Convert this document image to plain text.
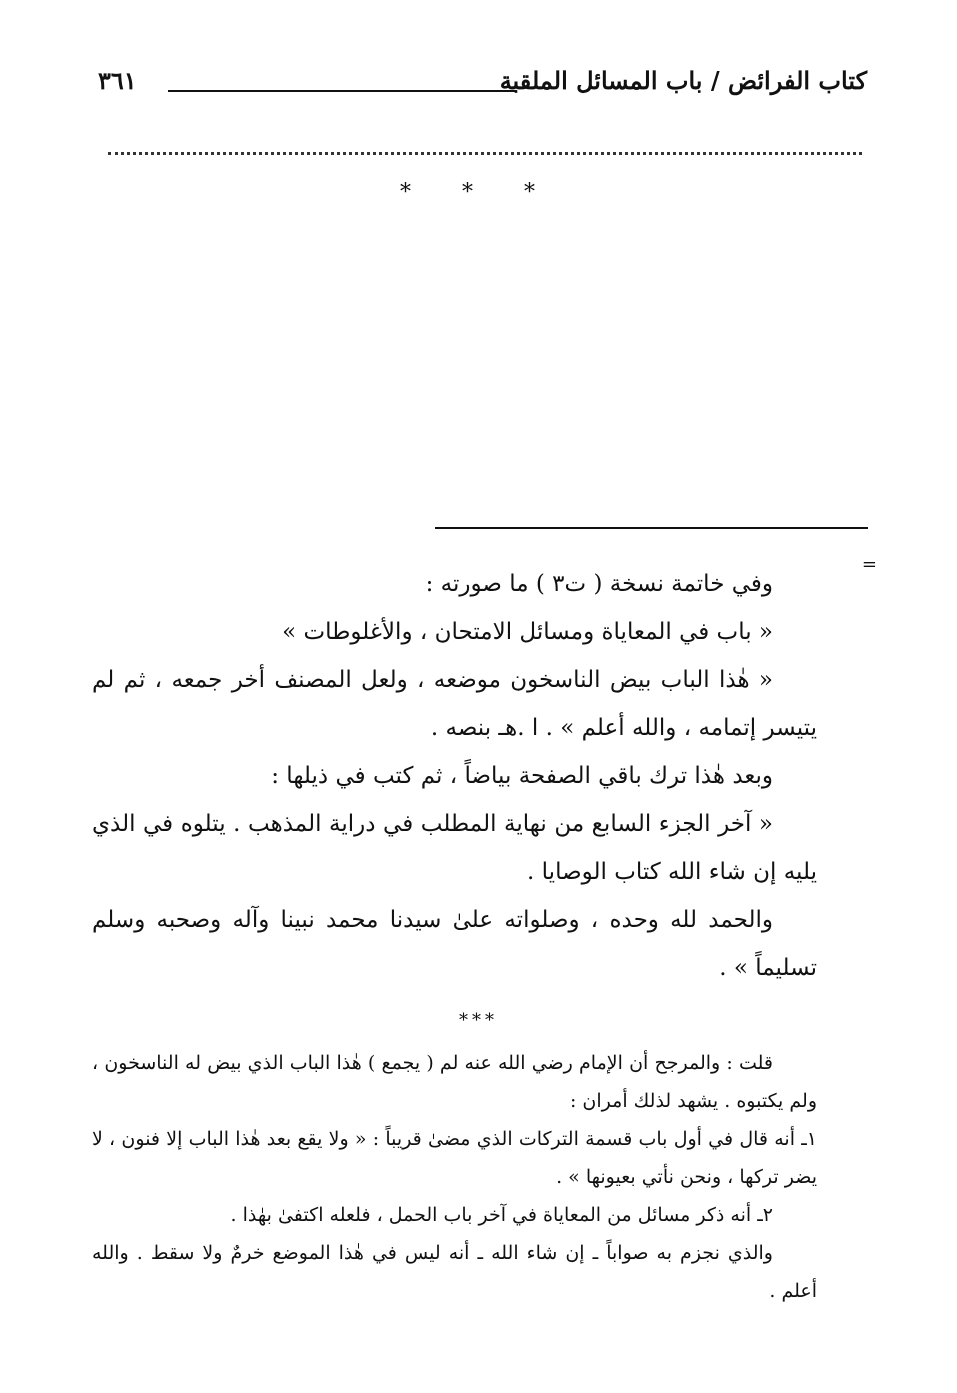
كتاب الفرائض / باب المسائل الملقبة
٣٦١
* * *
=

وفي خاتمة نسخة ( ت٣ ) ما صورته :

« باب في المعاياة ومسائل الامتحان ، والأغلوطات »

« هٰذا الباب بيض الناسخون موضعه ، ولعل المصنف أخر جمعه ، ثم لم يتيسر إتمامه ، والله أعلم » . ا .هـ بنصه .

وبعد هٰذا ترك باقي الصفحة بياضاً ، ثم كتب في ذيلها :

« آخر الجزء السابع من نهاية المطلب في دراية المذهب . يتلوه في الذي يليه إن شاء الله كتاب الوصايا .

والحمد لله وحده ، وصلواته علىٰ سيدنا محمد نبينا وآله وصحبه وسلم تسليماً » .

***

قلت : والمرجح أن الإمام رضي الله عنه لم ( يجمع ) هٰذا الباب الذي بيض له الناسخون ، ولم يكتبوه . يشهد لذلك أمران :

١ـ أنه قال في أول باب قسمة التركات الذي مضىٰ قريباً : « ولا يقع بعد هٰذا الباب إلا فنون ، لا يضر تركها ، ونحن نأتي بعيونها » .

٢ـ أنه ذكر مسائل من المعاياة في آخر باب الحمل ، فلعله اكتفىٰ بهٰذا .

والذي نجزم به صواباً ـ إن شاء الله ـ أنه ليس في هٰذا الموضع خرمٌ ولا سقط . والله أعلم .
